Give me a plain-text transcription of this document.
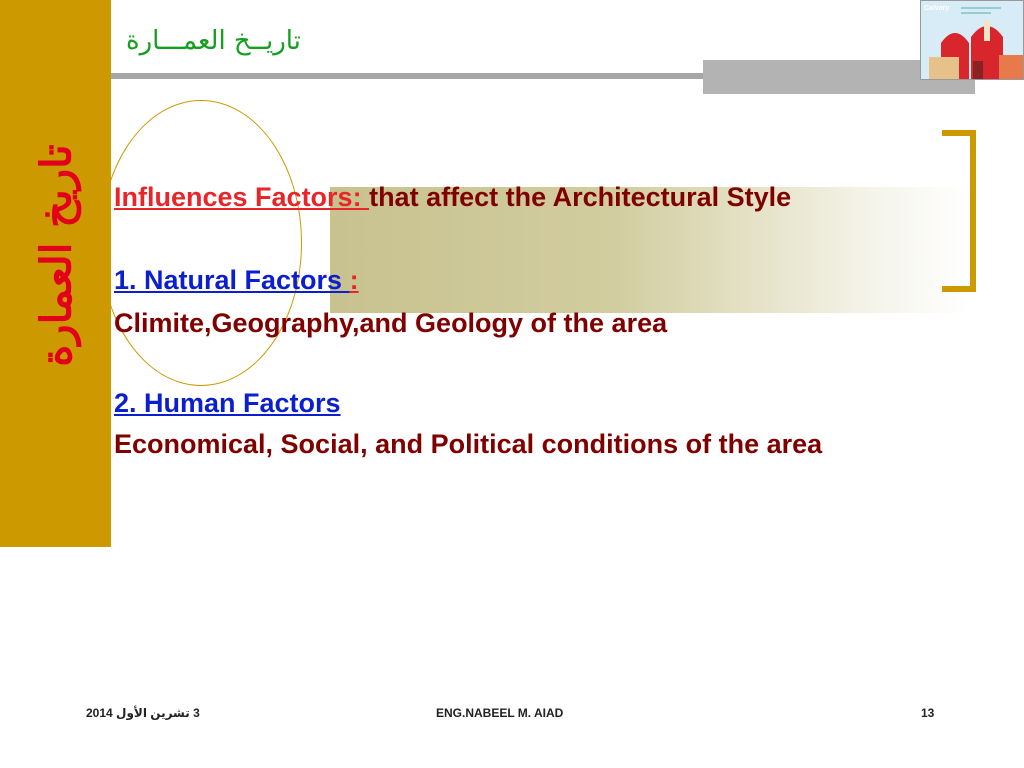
تاريخ العمارة
تاريــخ العمـــارة
Calvary
Influences Factors: that affect the Architectural Style
1. Natural Factors :
Climite,Geography,and Geology of the area
2. Human Factors
Economical, Social, and Political conditions of the area
3 تشرين الأول 2014	ENG.NABEEL M. AIAD	13
